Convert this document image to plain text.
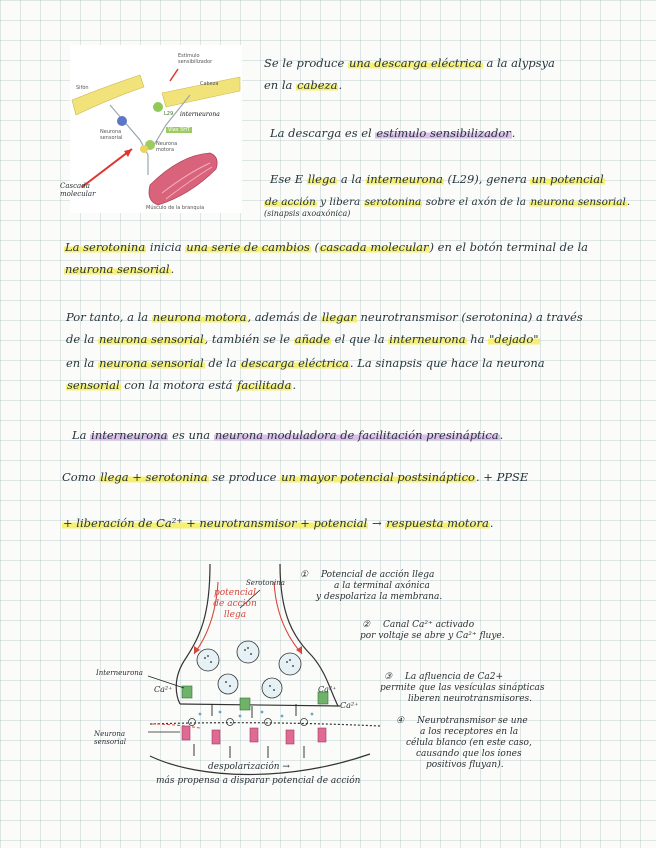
Sifón
Estímulo sensibilizador
Cabeza
L29 interneurona
Neurona sensorial
Neurona motora
Vías 5HT
Músculo de la branquia
Cascada molecular
Se le produce una descarga eléctrica a la alypsya
en la cabeza.
La descarga es el estímulo sensibilizador.
Ese E llega a la interneurona (L29), genera un potencial
de acción y libera serotonina sobre el axón de la neurona sensorial.
(sinapsis axoaxónica)
La serotonina inicia una serie de cambios (cascada molecular) en el botón terminal de la
neurona sensorial.
Por tanto, a la neurona motora, además de llegar neurotransmisor (serotonina) a través
de la neurona sensorial, también se le añade el que la interneurona ha "dejado"
en la neurona sensorial de la descarga eléctrica. La sinapsis que hace la neurona
sensorial con la motora está facilitada.
La interneurona es una neurona moduladora de facilitación presináptica.
Como llega + serotonina se produce un mayor potencial postsináptico. + PPSE
+ liberación de Ca²⁺ + neurotransmisor + potencial → respuesta motora.
potencial de acción llega
Serotonina
Interneurona
Ca²⁺	Ca²⁺
Ca²⁺
Neurona sensorial
despolarización →
más propensa a disparar potencial de acción
① Potencial de acción llega
a la terminal axónica
y despolariza la membrana.
② Canal Ca²⁺ activado
por voltaje se abre y Ca²⁺ fluye.
③ La afluencia de Ca2+
permite que las vesículas sinápticas
liberen neurotransmisores.
④ Neurotransmisor se une
a los receptores en la
célula blanco (en este caso,
causando que los iones
positivos fluyan).
